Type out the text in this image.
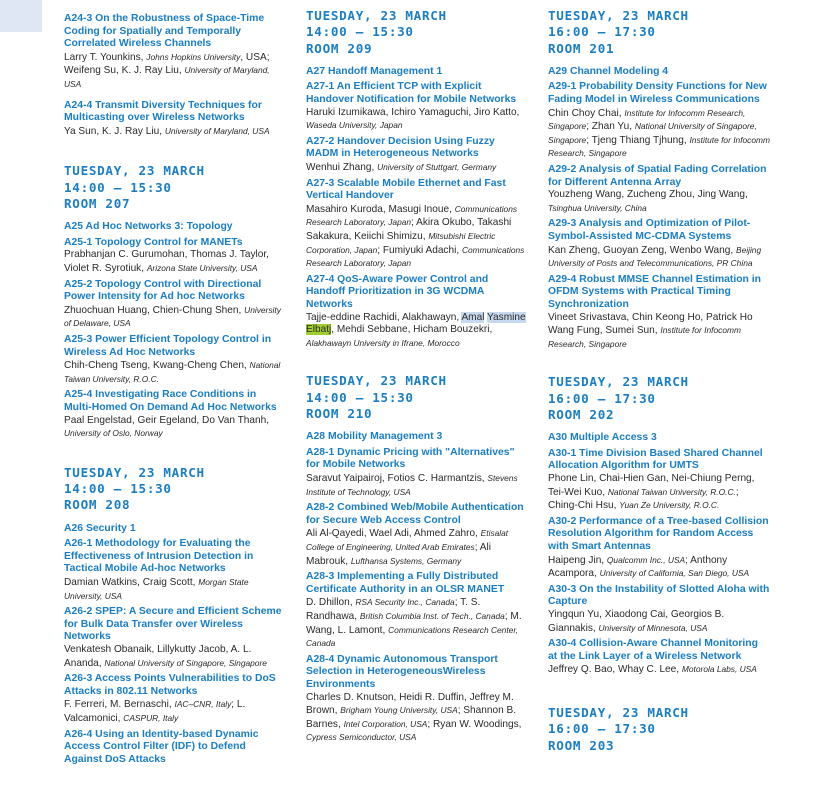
A24-3 On the Robustness of Space-Time Coding for Spatially and Temporally Correlated Wireless Channels
Larry T. Younkins, Johns Hopkins University, USA; Weifeng Su, K. J. Ray Liu, University of Maryland, USA
A24-4 Transmit Diversity Techniques for Multicasting over Wireless Networks
Ya Sun, K. J. Ray Liu, University of Maryland, USA
TUESDAY, 23 MARCH
14:00 – 15:30
ROOM 207
A25 Ad Hoc Networks 3: Topology
A25-1 Topology Control for MANETs
Prabhanjan C. Gurumohan, Thomas J. Taylor, Violet R. Syrotiuk, Arizona State University, USA
A25-2 Topology Control with Directional Power Intensity for Ad hoc Networks
Zhuochuan Huang, Chien-Chung Shen, University of Delaware, USA
A25-3 Power Efficient Topology Control in Wireless Ad Hoc Networks
Chih-Cheng Tseng, Kwang-Cheng Chen, National Taiwan University, R.O.C.
A25-4 Investigating Race Conditions in Multi-Homed On Demand Ad Hoc Networks
Paal Engelstad, Geir Egeland, Do Van Thanh, University of Oslo, Norway
TUESDAY, 23 MARCH
14:00 – 15:30
ROOM 208
A26 Security 1
A26-1 Methodology for Evaluating the Effectiveness of Intrusion Detection in Tactical Mobile Ad-hoc Networks
Damian Watkins, Craig Scott, Morgan State University, USA
A26-2 SPEP: A Secure and Efficient Scheme for Bulk Data Transfer over Wireless Networks
Venkatesh Obanaik, Lillykutty Jacob, A. L. Ananda, National University of Singapore, Singapore
A26-3 Access Points Vulnerabilities to DoS Attacks in 802.11 Networks
F. Ferreri, M. Bernaschi, IAC–CNR, Italy; L. Valcamonici, CASPUR, Italy
A26-4 Using an Identity-based Dynamic Access Control Filter (IDF) to Defend Against DoS Attacks
TUESDAY, 23 MARCH
14:00 – 15:30
ROOM 209
A27 Handoff Management 1
A27-1 An Efficient TCP with Explicit Handover Notification for Mobile Networks
Haruki Izumikawa, Ichiro Yamaguchi, Jiro Katto, Waseda University, Japan
A27-2 Handover Decision Using Fuzzy MADM in Heterogeneous Networks
Wenhui Zhang, University of Stuttgart, Germany
A27-3 Scalable Mobile Ethernet and Fast Vertical Handover
Masahiro Kuroda, Masugi Inoue, Communications Research Laboratory, Japan; Akira Okubo, Takashi Sakakura, Keiichi Shimizu, Mitsubishi Electric Corporation, Japan; Fumiyuki Adachi, Communications Research Laboratory, Japan
A27-4 QoS-Aware Power Control and Handoff Prioritization in 3G WCDMA Networks
Tajje-eddine Rachidi, Alakhawayn, Amal Yasmine Elbatj, Mehdi Sebbane, Hicham Bouzekri, Alakhawayn University in Ifrane, Morocco
TUESDAY, 23 MARCH
14:00 – 15:30
ROOM 210
A28 Mobility Management 3
A28-1 Dynamic Pricing with "Alternatives" for Mobile Networks
Saravut Yaipairoj, Fotios C. Harmantzis, Stevens Institute of Technology, USA
A28-2 Combined Web/Mobile Authentication for Secure Web Access Control
Ali Al-Qayedi, Wael Adi, Ahmed Zahro, Etisalat College of Engineering, United Arab Emirates; Ali Mabrouk, Lufthansa Systems, Germany
A28-3 Implementing a Fully Distributed Certificate Authority in an OLSR MANET
D. Dhillon, RSA Security Inc., Canada; T. S. Randhawa, British Columbia Inst. of Tech., Canada; M. Wang, L. Lamont, Communications Research Center, Canada
A28-4 Dynamic Autonomous Transport Selection in HeterogeneousWireless Environments
Charles D. Knutson, Heidi R. Duffin, Jeffrey M. Brown, Brigham Young University, USA; Shannon B. Barnes, Intel Corporation, USA; Ryan W. Woodings, Cypress Semiconductor, USA
TUESDAY, 23 MARCH
16:00 – 17:30
ROOM 201
A29 Channel Modeling 4
A29-1 Probability Density Functions for New Fading Model in Wireless Communications
Chin Choy Chai, Institute for Infocomm Research, Singapore; Zhan Yu, National University of Singapore, Singapore; Tjeng Thiang Tjhung, Institute for Infocomm Research, Singapore
A29-2 Analysis of Spatial Fading Correlation for Different Antenna Array
Youzheng Wang, Zucheng Zhou, Jing Wang, Tsinghua University, China
A29-3 Analysis and Optimization of Pilot-Symbol-Assisted MC-CDMA Systems
Kan Zheng, Guoyan Zeng, Wenbo Wang, Beijing University of Posts and Telecommunications, PR China
A29-4 Robust MMSE Channel Estimation in OFDM Systems with Practical Timing Synchronization
Vineet Srivastava, Chin Keong Ho, Patrick Ho Wang Fung, Sumei Sun, Institute for Infocomm Research, Singapore
TUESDAY, 23 MARCH
16:00 – 17:30
ROOM 202
A30 Multiple Access 3
A30-1 Time Division Based Shared Channel Allocation Algorithm for UMTS
Phone Lin, Chai-Hien Gan, Nei-Chiung Perng, Tei-Wei Kuo, National Taiwan University, R.O.C.; Ching-Chi Hsu, Yuan Ze University, R.O.C.
A30-2 Performance of a Tree-based Collision Resolution Algorithm for Random Access with Smart Antennas
Haipeng Jin, Qualcomm Inc., USA; Anthony Acampora, University of California, San Diego, USA
A30-3 On the Instability of Slotted Aloha with Capture
Yingqun Yu, Xiaodong Cai, Georgios B. Giannakis, University of Minnesota, USA
A30-4 Collision-Aware Channel Monitoring at the Link Layer of a Wireless Network
Jeffrey Q. Bao, Whay C. Lee, Motorola Labs, USA
TUESDAY, 23 MARCH
16:00 – 17:30
ROOM 203
